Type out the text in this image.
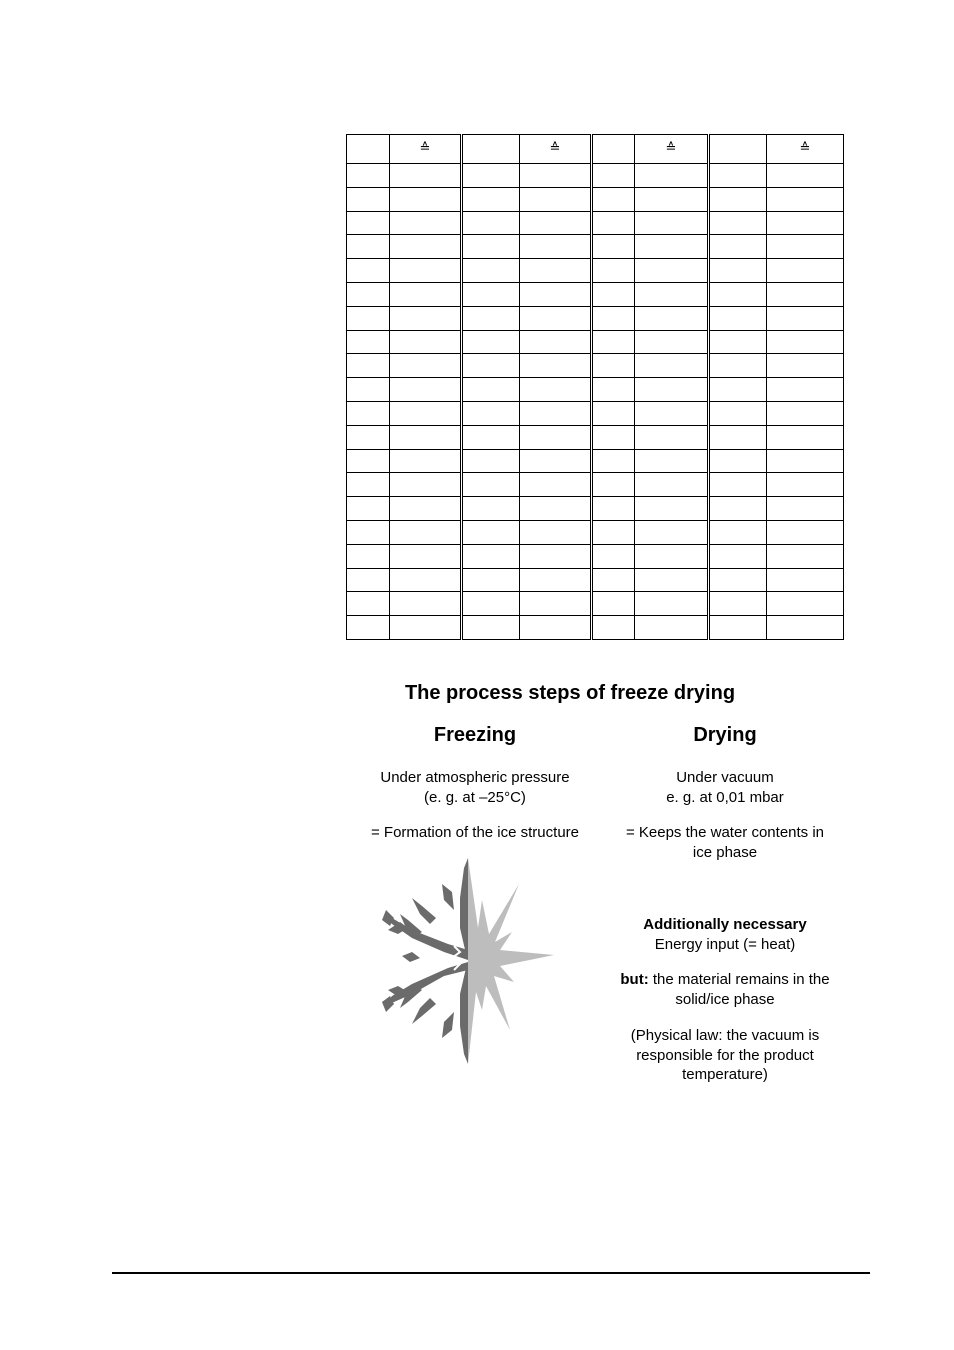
	≙		≙		≙		≙

The process steps of freeze drying
Freezing
Under atmospheric pressure
(e. g. at –25°C)
= Formation of the ice structure
Drying
Under vacuum
e. g. at 0,01 mbar
= Keeps the water contents in
ice phase
Additionally necessary
Energy input (= heat)
but: the material remains in the
solid/ice phase
(Physical law: the vacuum is
responsible for the product
temperature)
